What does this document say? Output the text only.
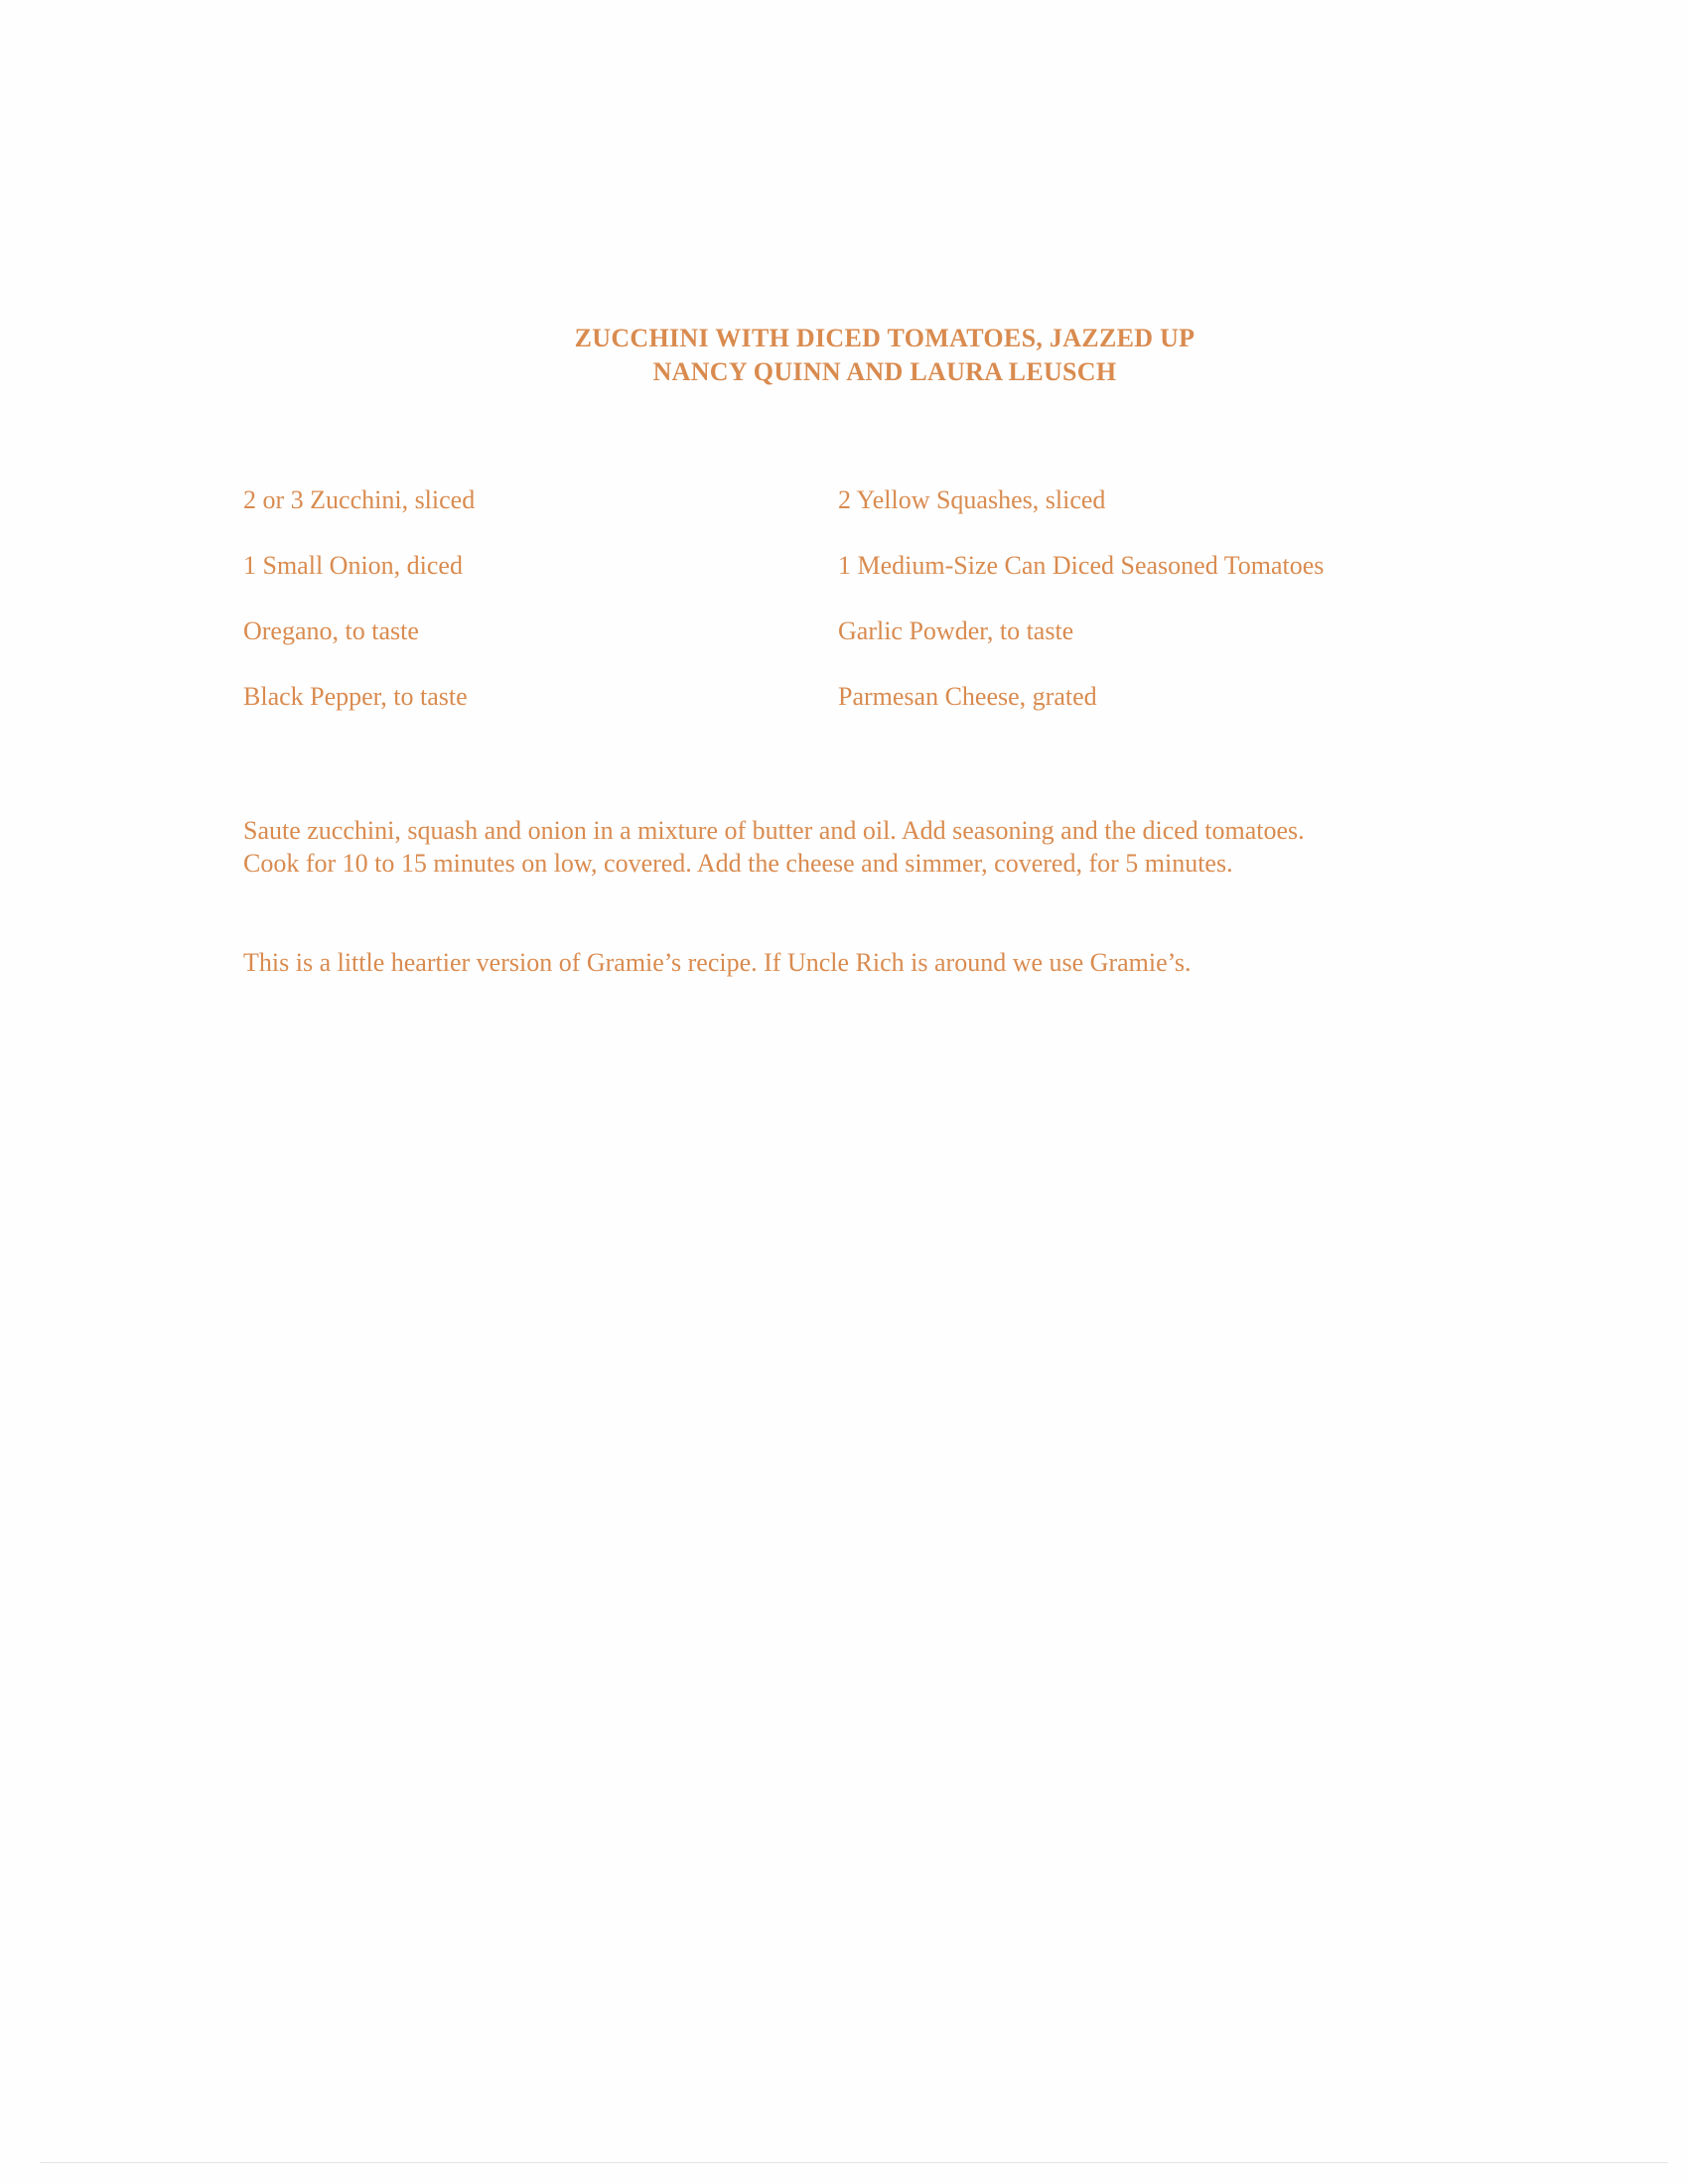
ZUCCHINI WITH DICED TOMATOES, JAZZED UP
NANCY QUINN AND LAURA LEUSCH
2 or 3 Zucchini, sliced	2 Yellow Squashes, sliced
1 Small Onion, diced	1 Medium-Size Can Diced Seasoned Tomatoes
Oregano, to taste	Garlic Powder, to taste
Black Pepper, to taste	Parmesan Cheese, grated
Saute zucchini, squash and onion in a mixture of butter and oil. Add seasoning and the diced tomatoes.
Cook for 10 to 15 minutes on low, covered. Add the cheese and simmer, covered, for 5 minutes.
This is a little heartier version of Gramie’s recipe. If Uncle Rich is around we use Gramie’s.
